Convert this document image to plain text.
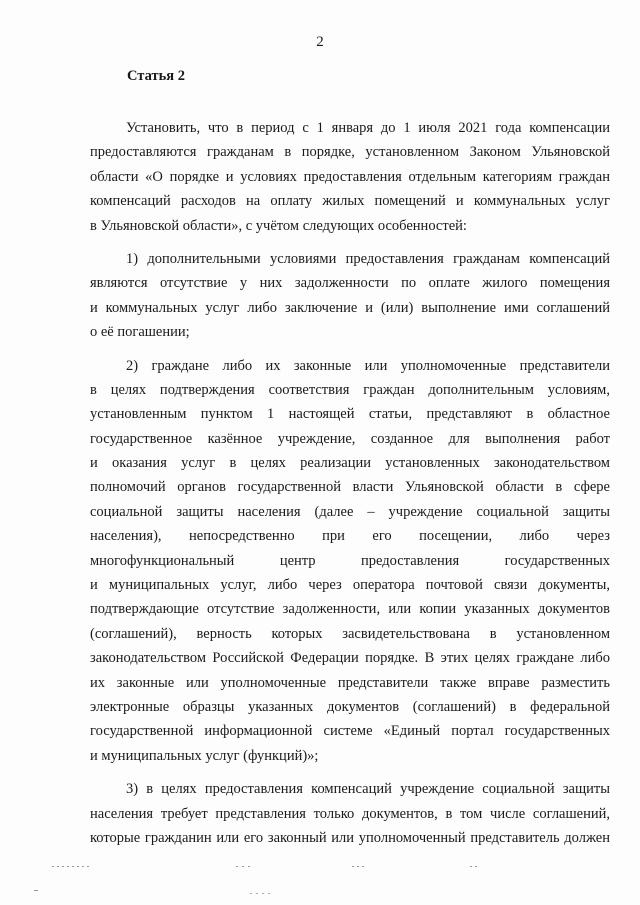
2
Статья 2
Установить, что в период с 1 января до 1 июля 2021 года компенсации
предоставляются гражданам в порядке, установленном Законом Ульяновской
области «О порядке и условиях предоставления отдельным категориям граждан
компенсаций расходов на оплату жилых помещений и коммунальных услуг
в Ульяновской области», с учётом следующих особенностей:
1) дополнительными условиями предоставления гражданам компенсаций
являются отсутствие у них задолженности по оплате жилого помещения
и коммунальных услуг либо заключение и (или) выполнение ими соглашений
о её погашении;
2) граждане либо их законные или уполномоченные представители
в целях подтверждения соответствия граждан дополнительным условиям,
установленным пунктом 1 настоящей статьи, представляют в областное
государственное казённое учреждение, созданное для выполнения работ
и оказания услуг в целях реализации установленных законодательством
полномочий органов государственной власти Ульяновской области в сфере
социальной защиты населения (далее – учреждение социальной защиты
населения), непосредственно при его посещении, либо через
многофункциональный центр предоставления государственных
и муниципальных услуг, либо через оператора почтовой связи документы,
подтверждающие отсутствие задолженности, или копии указанных документов
(соглашений), верность которых засвидетельствована в установленном
законодательством Российской Федерации порядке. В этих целях граждане либо
их законные или уполномоченные представители также вправе разместить
электронные образцы указанных документов (соглашений) в федеральной
государственной информационной системе «Единый портал государственных
и муниципальных услуг (функций)»;
3) в целях предоставления компенсаций учреждение социальной защиты
населения требует представления только документов, в том числе соглашений,
которые гражданин или его законный или уполномоченный представитель должен
